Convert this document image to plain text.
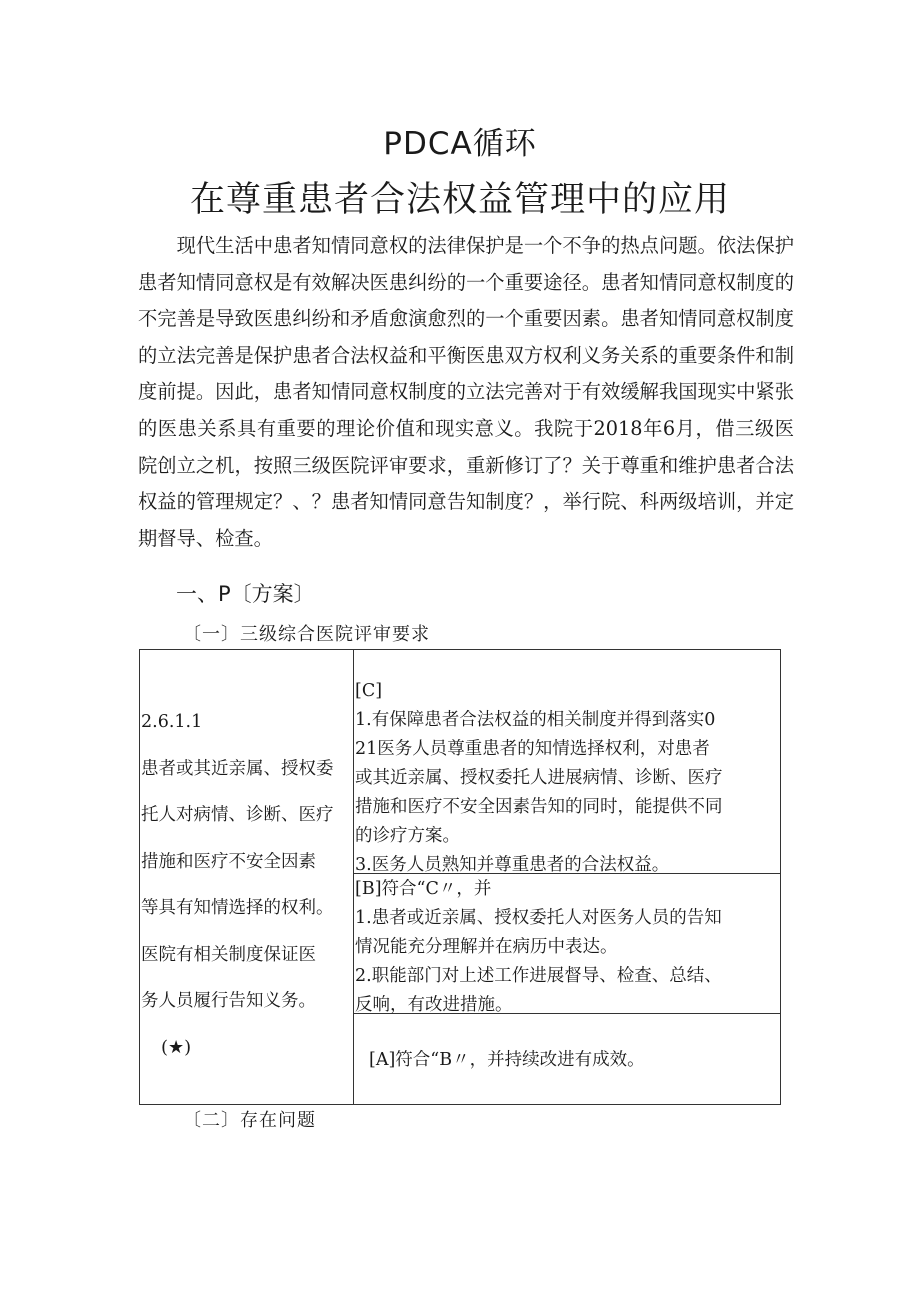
PDCA循环
在尊重患者合法权益管理中的应用

现代生活中患者知情同意权的法律保护是一个不争的热点问题。依法保护患者知情同意权是有效解决医患纠纷的一个重要途径。患者知情同意权制度的不完善是导致医患纠纷和矛盾愈演愈烈的一个重要因素。患者知情同意权制度的立法完善是保护患者合法权益和平衡医患双方权利义务关系的重要条件和制度前提。因此，患者知情同意权制度的立法完善对于有效缓解我国现实中紧张的医患关系具有重要的理论价值和现实意义。我院于2018年6月，借三级医院创立之机，按照三级医院评审要求，重新修订了？关于尊重和维护患者合法权益的管理规定？、？患者知情同意告知制度？，举行院、科两级培训，并定期督导、检查。

一、P〔方案〕
〔一〕三级综合医院评审要求
2.6.1.1
患者或其近亲属、授权委
托人对病情、诊断、医疗
措施和医疗不安全因素
等具有知情选择的权利。
医院有相关制度保证医
务人员履行告知义务。
(★)
[C]
1.有保障患者合法权益的相关制度并得到落实0
21医务人员尊重患者的知情选择权利，对患者
或其近亲属、授权委托人进展病情、诊断、医疗
措施和医疗不安全因素告知的同时，能提供不同
的诊疗方案。
3.医务人员熟知并尊重患者的合法权益。
[B]符合“C〃，并
1.患者或近亲属、授权委托人对医务人员的告知
情况能充分理解并在病历中表达。
2.职能部门对上述工作进展督导、检查、总结、
反响，有改进措施。
[A]符合“B〃，并持续改进有成效。
〔二〕存在问题
